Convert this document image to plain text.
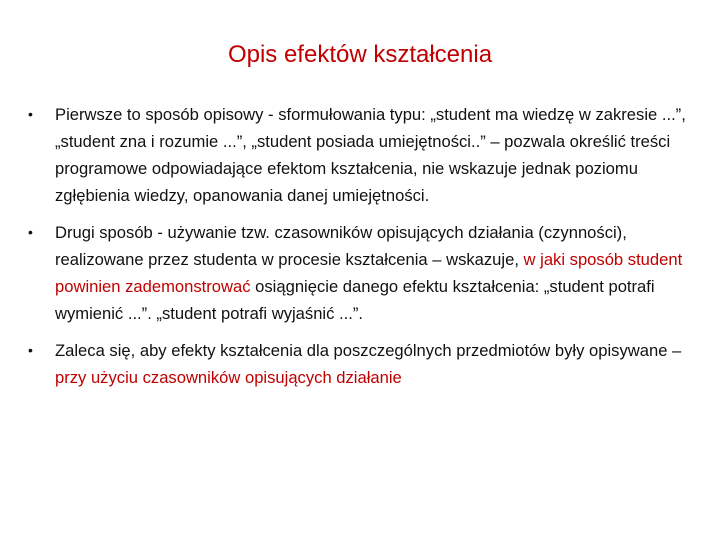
Opis efektów kształcenia
•	Pierwsze to sposób opisowy - sformułowania typu: „student ma wiedzę w zakresie ...”, „student zna i rozumie ...”, „student posiada umiejętności..” – pozwala określić treści programowe odpowiadające efektom kształcenia, nie wskazuje jednak poziomu zgłębienia wiedzy, opanowania danej umiejętności.
•	Drugi sposób - używanie tzw. czasowników opisujących działania (czynności), realizowane przez studenta w procesie kształcenia – wskazuje, w jaki sposób student powinien zademonstrować osiągnięcie danego efektu kształcenia: „student potrafi wymienić ...”. „student potrafi wyjaśnić ...”.
•	Zaleca się, aby efekty kształcenia dla poszczególnych przedmiotów były opisywane – przy użyciu czasowników opisujących działanie
